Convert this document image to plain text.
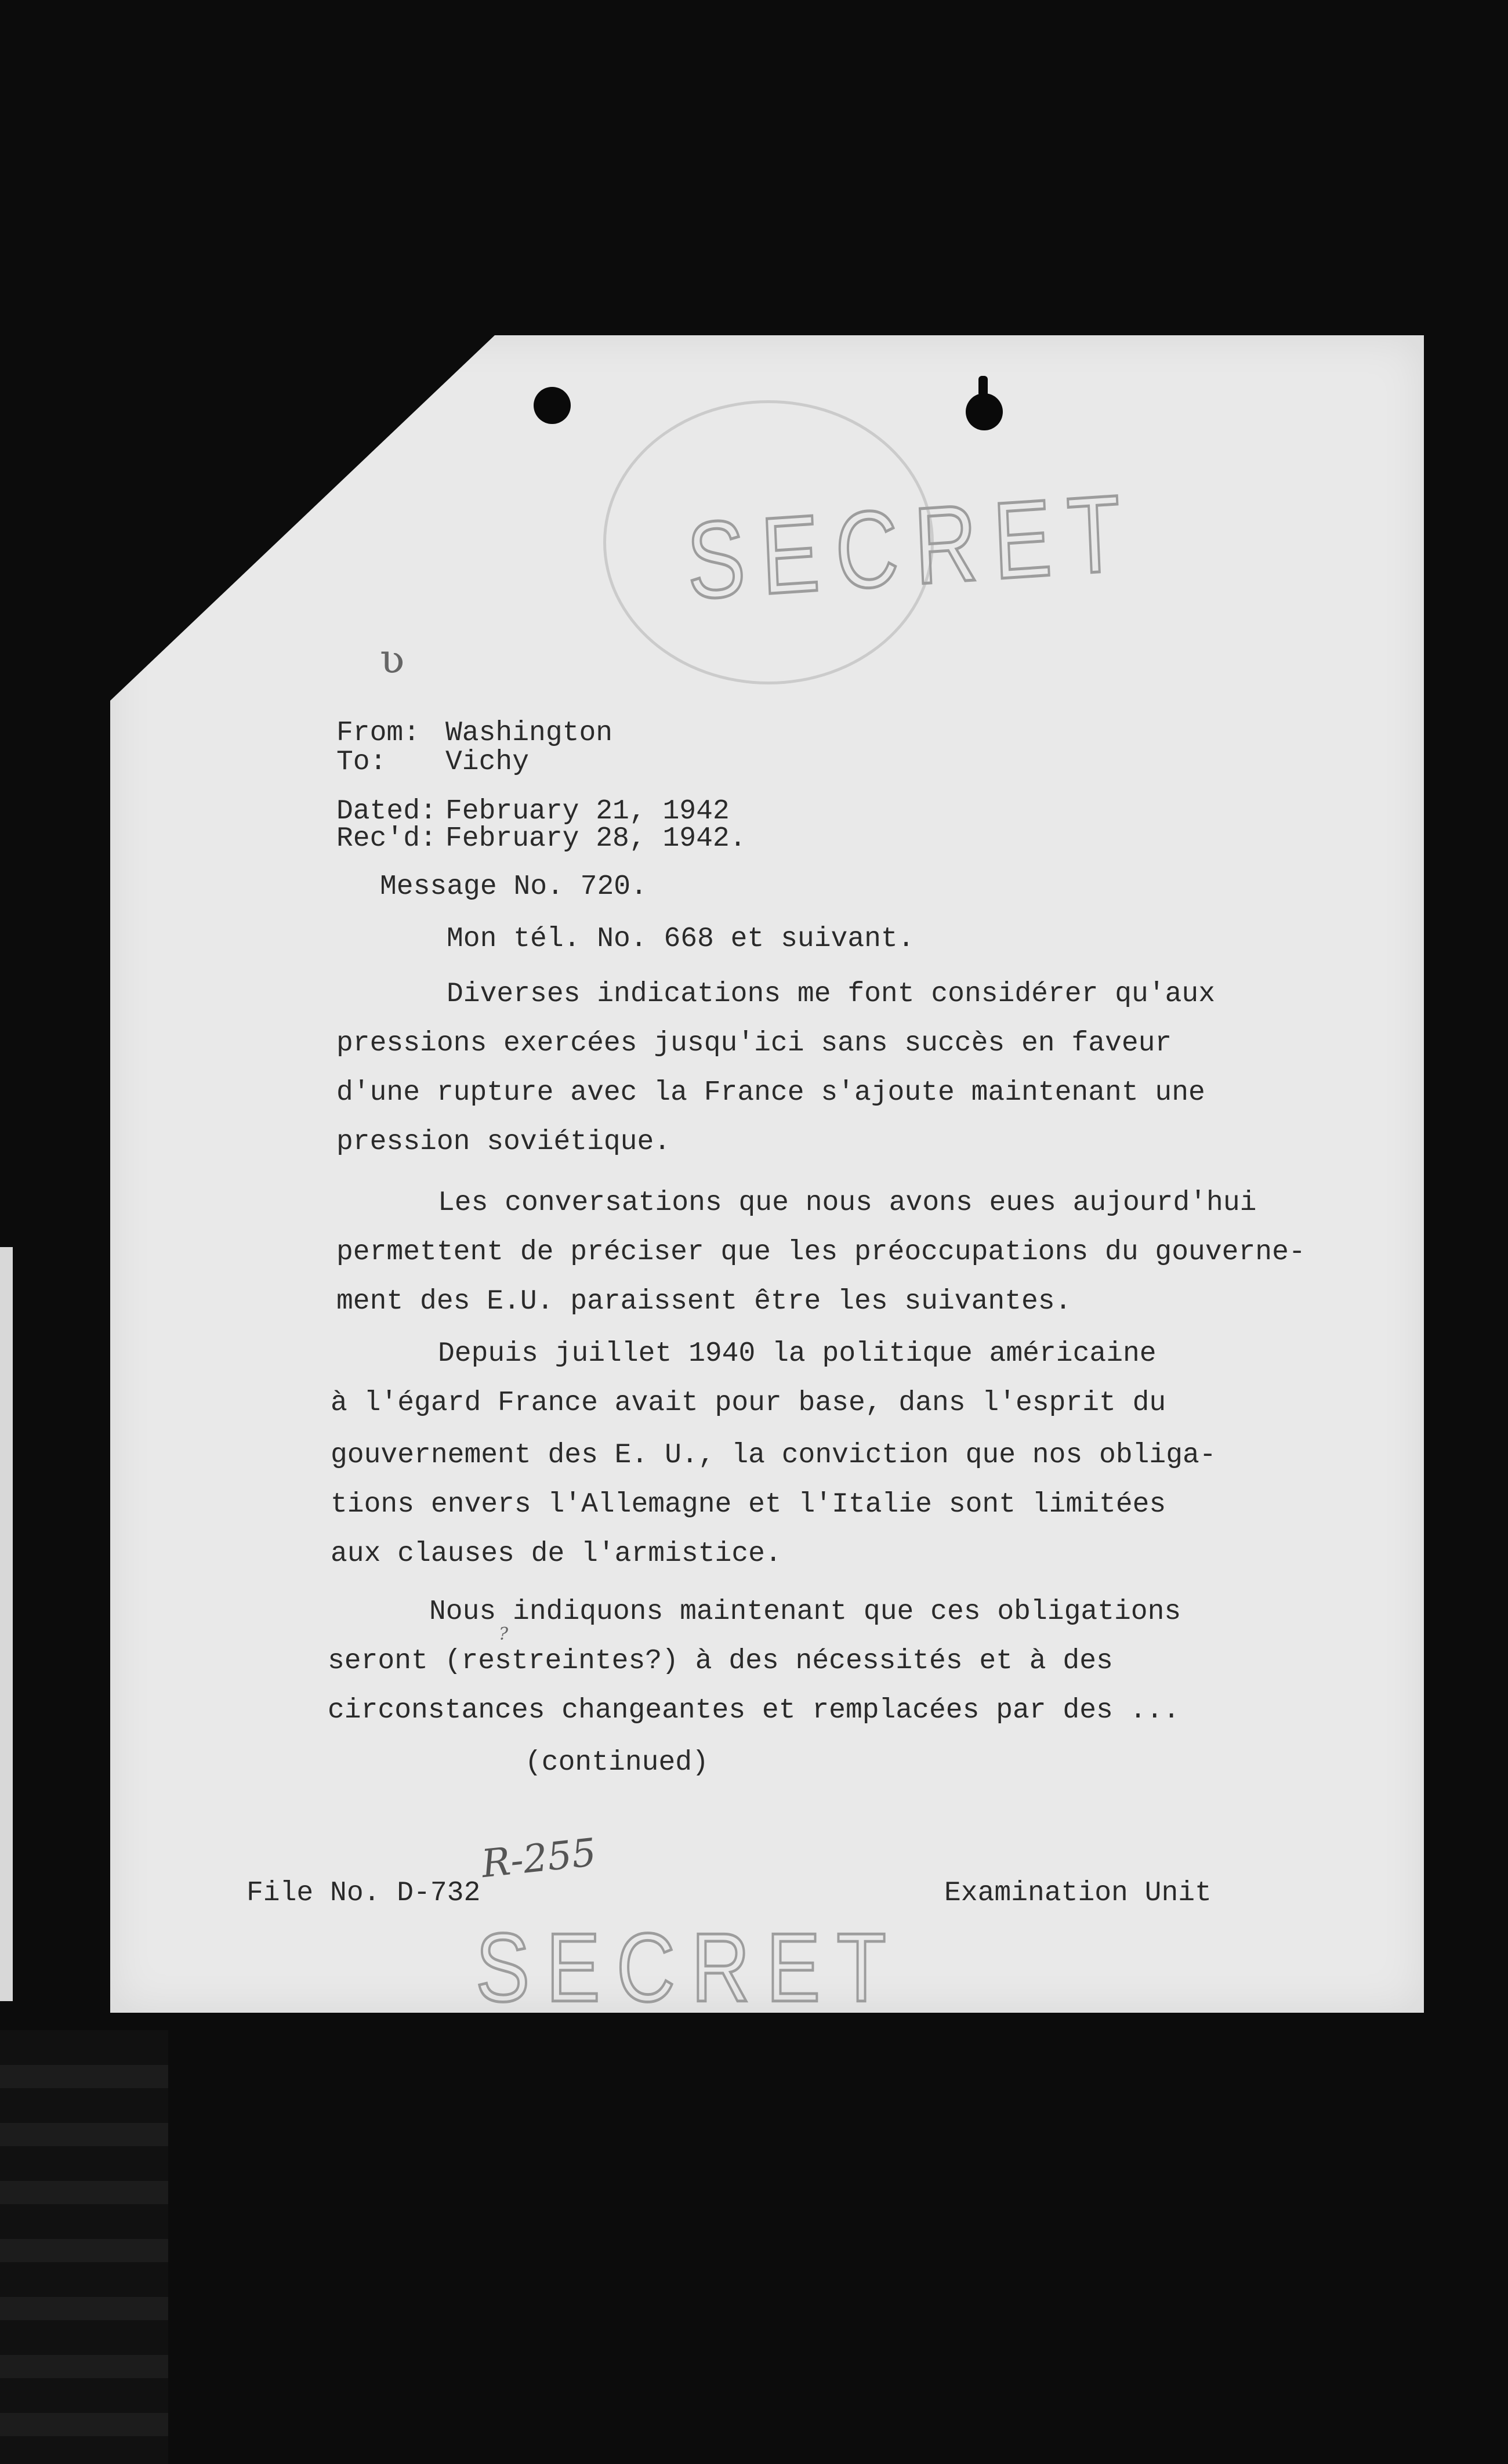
SECRET
ʋ
From: Washington
To: Vichy
Dated: February 21, 1942
Rec'd: February 28, 1942.
Message No. 720.
Mon tél. No. 668 et suivant.
Diverses indications me font considérer qu'aux
pressions exercées jusqu'ici sans succès en faveur
d'une rupture avec la France s'ajoute maintenant une
pression soviétique.
Les conversations que nous avons eues aujourd'hui
permettent de préciser que les préoccupations du gouverne-
ment des E.U. paraissent être les suivantes.
Depuis juillet 1940 la politique américaine
à l'égard France avait pour base, dans l'esprit du
gouvernement des E. U., la conviction que nos obliga-
tions envers l'Allemagne et l'Italie sont limitées
aux clauses de l'armistice.
?
Nous indiquons maintenant que ces obligations
seront (restreintes?) à des nécessités et à des
circonstances changeantes et remplacées par des ...
(continued)
R-255
File No. D-732	Examination Unit
SECRET
